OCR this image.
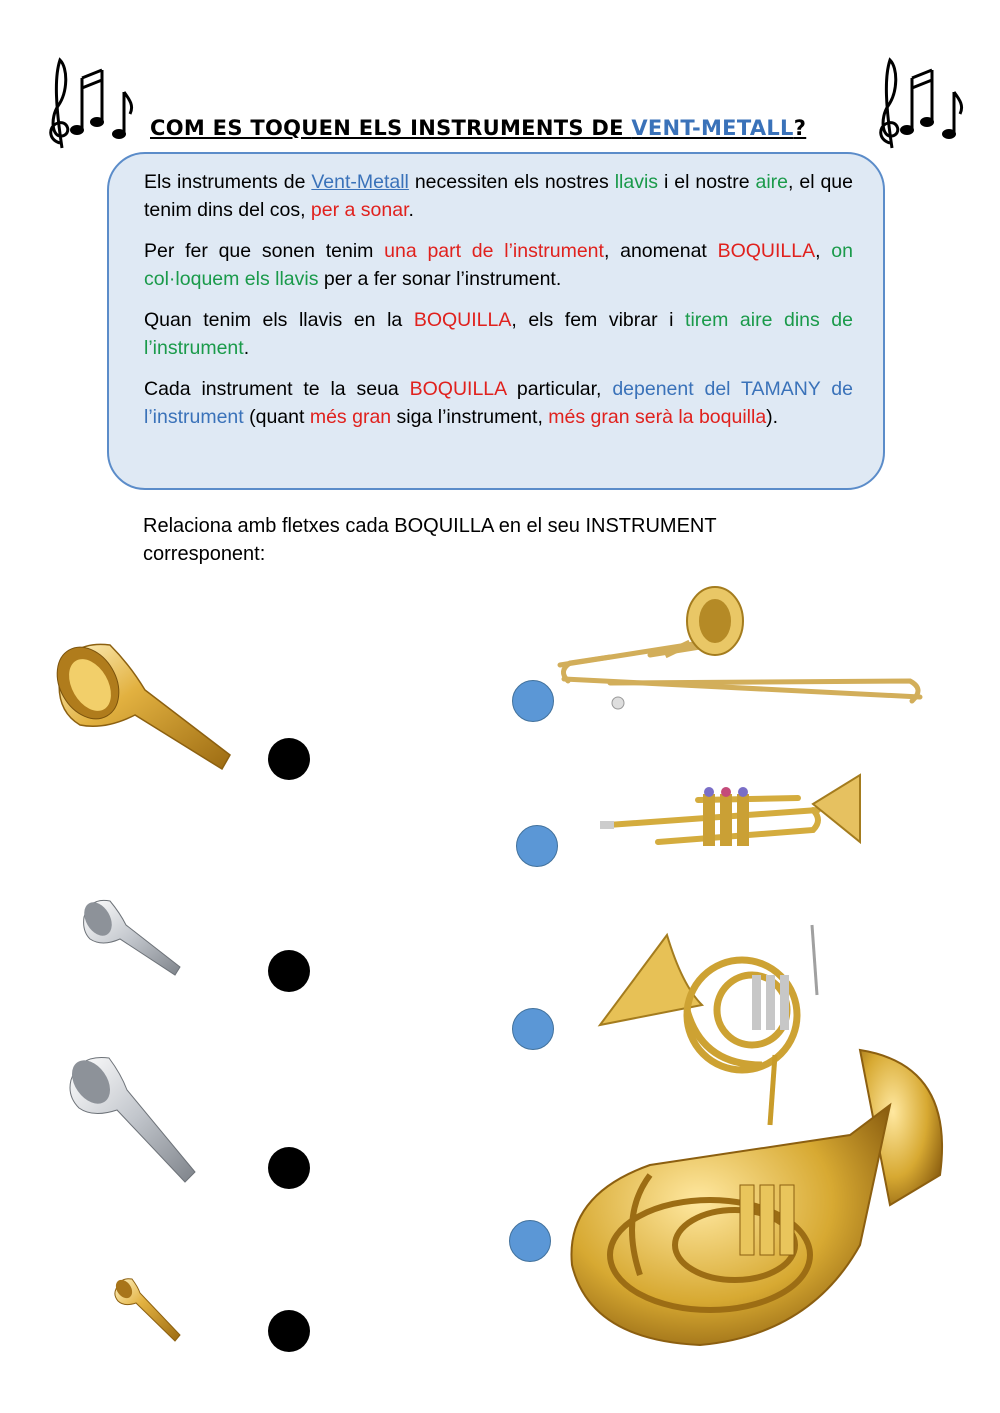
COM ES TOQUEN ELS INSTRUMENTS DE VENT-METALL?

Els instruments de Vent-Metall necessiten els nostres llavis i el nostre aire, el que tenim dins del cos, per a sonar.

Per fer que sonen tenim una part de l’instrument, anomenat BOQUILLA, on col·loquem els llavis per a fer sonar l’instrument.

Quan tenim els llavis en la BOQUILLA, els fem vibrar i tirem aire dins de l’instrument.

Cada instrument te la seua BOQUILLA particular, depenent del TAMANY de l’instrument (quant més gran siga l’instrument, més gran serà la boquilla).

Relaciona amb fletxes cada BOQUILLA en el seu INSTRUMENT corresponent:
